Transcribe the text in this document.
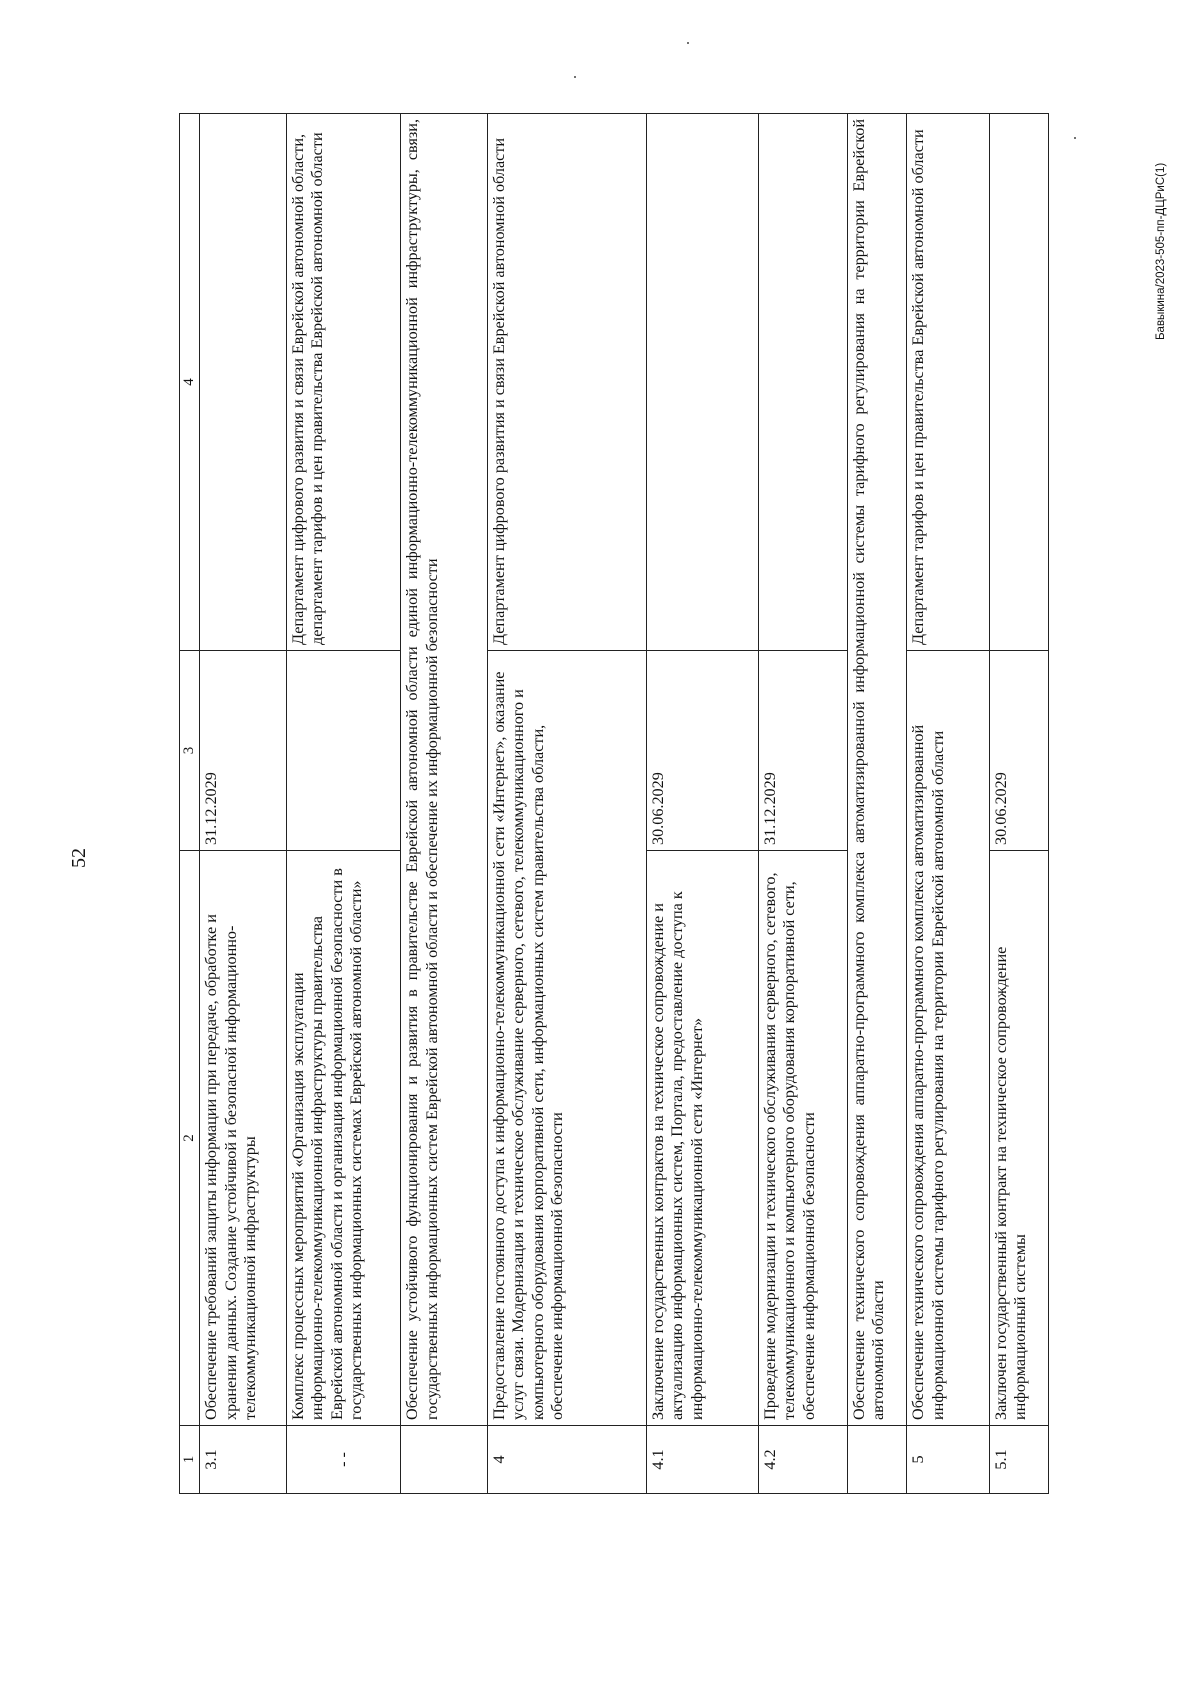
52
Бавыкина/2023-505-пп-ДЦРиС(1)
1	2	3	4
3.1	Обеспечение требований защиты информации при передаче, обработке и хранении данных. Создание устойчивой и безопасной информационно-телекоммуникационной инфраструктуры	31.12.2029	
- -	Комплекс процессных мероприятий «Организация эксплуатации информационно-телекоммуникационной инфраструктуры правительства Еврейской автономной области и организация информационной безопасности в государственных информационных системах Еврейской автономной области»		Департамент цифрового развития и связи Еврейской автономной области, департамент тарифов и цен правительства Еврейской автономной области
	Обеспечение устойчивого функционирования и развития в правительстве Еврейской автономной области единой информационно-телекоммуникационной инфраструктуры, связи, государственных информационных систем Еврейской автономной области и обеспечение их информационной безопасности		
4	Предоставление постоянного доступа к информационно-телекоммуникационной сети «Интернет», оказание услуг связи. Модернизация и техническое обслуживание серверного, сетевого, телекоммуникационного и компьютерного оборудования корпоративной сети, информационных систем правительства области, обеспечение информационной безопасности		Департамент цифрового развития и связи Еврейской автономной области
4.1	Заключение государственных контрактов на техническое сопровождение и актуализацию информационных систем, Портала, предоставление доступа к информационно-телекоммуникационной сети «Интернет»	30.06.2029	
4.2	Проведение модернизации и технического обслуживания серверного, сетевого, телекоммуникационного и компьютерного оборудования корпоративной сети, обеспечение информационной безопасности	31.12.2029	
	Обеспечение технического сопровождения аппаратно-программного комплекса автоматизированной информационной системы тарифного регулирования на территории Еврейской автономной области		
5	Обеспечение технического сопровождения аппаратно-программного комплекса автоматизированной информационной системы тарифного регулирования на территории Еврейской автономной области		Департамент тарифов и цен правительства Еврейской автономной области
5.1	Заключен государственный контракт на техническое сопровождение информационный системы	30.06.2029	
